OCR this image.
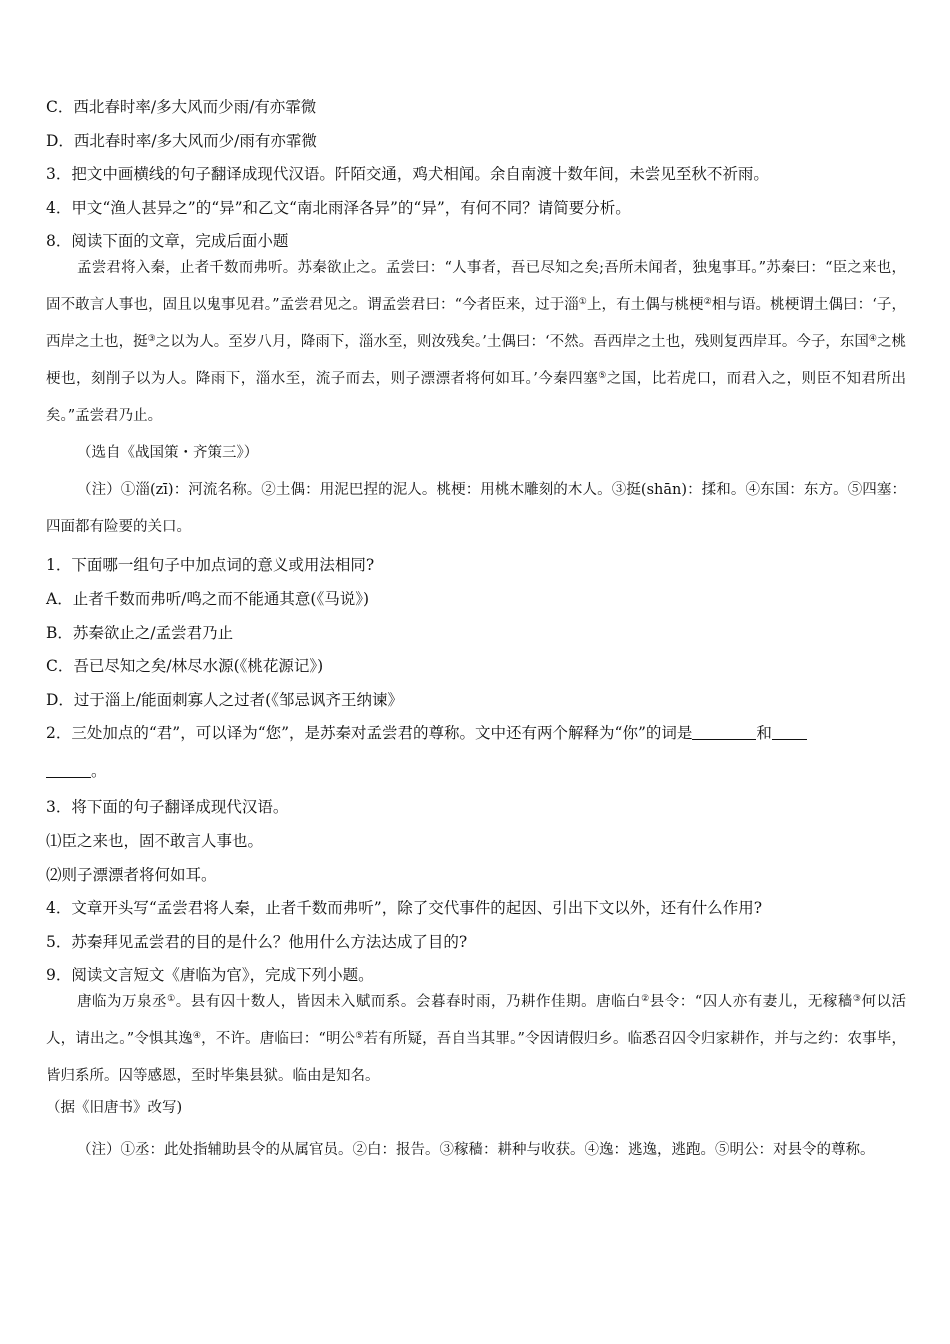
C．西北春时率/多大风而少雨/有亦霏微

D．西北春时率/多大风而少/雨有亦霏微

3．把文中画横线的句子翻译成现代汉语。阡陌交通，鸡犬相闻。余自南渡十数年间，未尝见至秋不祈雨。

4．甲文“渔人甚异之”的“异”和乙文“南北雨泽各异”的“异”，有何不同？请简要分析。

8．阅读下面的文章，完成后面小题

孟尝君将入秦，止者千数而弗听。苏秦欲止之。孟尝曰：“人事者，吾已尽知之矣;吾所未闻者，独鬼事耳。”苏秦曰：“臣之来也，固不敢言人事也，固且以鬼事见君。”孟尝君见之。谓孟尝君曰：“今者臣来，过于淄①上，有土偶与桃梗②相与语。桃梗谓土偶曰：‘子，西岸之土也，挺③之以为人。至岁八月，降雨下，淄水至，则汝残矣。’土偶曰：‘不然。吾西岸之土也，残则复西岸耳。今子，东国④之桃梗也，刻削子以为人。降雨下，淄水至，流子而去，则子漂漂者将何如耳。’今秦四塞⑤之国，比若虎口，而君入之，则臣不知君所出矣。”孟尝君乃止。

（选自《战国策・齐策三》）

（注）①淄(zī)：河流名称。②土偶：用泥巴捏的泥人。桃梗：用桃木雕刻的木人。③挺(shān)：揉和。④东国：东方。⑤四塞：四面都有险要的关口。

1．下面哪一组句子中加点词的意义或用法相同?

A．止者千数而弗听/鸣之而不能通其意(《马说》)

B．苏秦欲止之/孟尝君乃止

C．吾已尽知之矣/林尽水源(《桃花源记》)

D．过于淄上/能面刺寡人之过者(《邹忌讽齐王纳谏》

2．三处加点的“君”，可以译为“您”，是苏秦对孟尝君的尊称。文中还有两个解释为“你”的词是	和

。

3．将下面的句子翻译成现代汉语。

⑴臣之来也，固不敢言人事也。

⑵则子漂漂者将何如耳。

4．文章开头写“孟尝君将人秦，止者千数而弗听”，除了交代事件的起因、引出下文以外，还有什么作用?

5．苏秦拜见孟尝君的目的是什么？他用什么方法达成了目的?

9．阅读文言短文《唐临为官》，完成下列小题。

唐临为万泉丞①。县有囚十数人，皆因未入赋而系。会暮春时雨，乃耕作佳期。唐临白②县令：“囚人亦有妻儿，无稼穑③何以活人，请出之。”令惧其逸④，不许。唐临曰：“明公⑤若有所疑，吾自当其罪。”令因请假归乡。临悉召囚令归家耕作，并与之约：农事毕，皆归系所。囚等感恩，至时毕集县狱。临由是知名。

（据《旧唐书》改写)

（注）①丞：此处指辅助县令的从属官员。②白：报告。③稼穑：耕种与收获。④逸：逃逸，逃跑。⑤明公：对县令的尊称。
